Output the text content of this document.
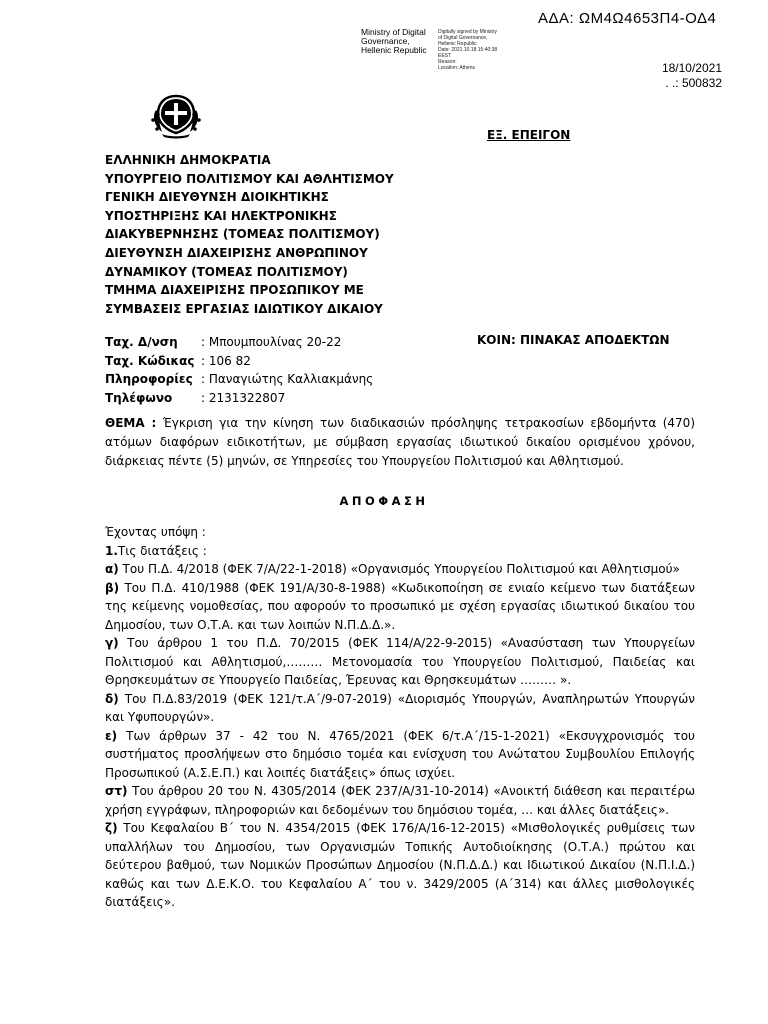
ΑΔΑ: ΩΜ4Ω4653Π4-ΟΔ4
Ministry of Digital
Governance,
Hellenic Republic
Digitally signed by Ministry
of Digital Governance,
Hellenic Republic
Date: 2021.10.18 15:40:38
EEST
Reason:
Location: Athens	18/10/2021
. .: 500832
ΕΞ. ΕΠΕΙΓΟΝ
ΕΛΛΗΝΙΚΗ ΔΗΜΟΚΡΑΤΙΑ
ΥΠΟΥΡΓΕΙΟ ΠΟΛΙΤΙΣΜΟΥ ΚΑΙ ΑΘΛΗΤΙΣΜΟΥ
ΓΕΝΙΚΗ ΔΙΕΥΘΥΝΣΗ ΔΙΟΙΚΗΤΙΚΗΣ
ΥΠΟΣΤΗΡΙΞΗΣ ΚΑΙ ΗΛΕΚΤΡΟΝΙΚΗΣ
ΔΙΑΚΥΒΕΡΝΗΣΗΣ (ΤΟΜΕΑΣ ΠΟΛΙΤΙΣΜΟΥ)
ΔΙΕΥΘΥΝΣΗ ΔΙΑΧΕΙΡΙΣΗΣ ΑΝΘΡΩΠΙΝΟΥ
ΔΥΝΑΜΙΚΟΥ (ΤΟΜΕΑΣ ΠΟΛΙΤΙΣΜΟΥ)
ΤΜΗΜΑ ΔΙΑΧΕΙΡΙΣΗΣ ΠΡΟΣΩΠΙΚΟΥ ΜΕ
ΣΥΜΒΑΣΕΙΣ ΕΡΓΑΣΙΑΣ ΙΔΙΩΤΙΚΟΥ ΔΙΚΑΙΟΥ
Ταχ. Δ/νση	: Μπουμπουλίνας 20-22
Ταχ. Κώδικας : 106 82
Πληροφορίες : Παναγιώτης Καλλιακμάνης
Τηλέφωνο	: 2131322807
ΚΟΙΝ: ΠΙΝΑΚΑΣ ΑΠΟΔΕΚΤΩΝ
ΘΕΜΑ : Έγκριση για την κίνηση των διαδικασιών πρόσληψης τετρακοσίων εβδομήντα (470) ατόμων διαφόρων ειδικοτήτων, με σύμβαση εργασίας ιδιωτικού δικαίου ορισμένου χρόνου, διάρκειας πέντε (5) μηνών, σε Υπηρεσίες του Υπουργείου Πολιτισμού και Αθλητισμού.
ΑΠΟΦΑΣΗ

Έχοντας υπόψη :

1.Τις διατάξεις :

α) Του Π.Δ. 4/2018 (ΦΕΚ 7/Α/22-1-2018) «Οργανισμός Υπουργείου Πολιτισμού και Αθλητισμού»

β) Του Π.Δ. 410/1988 (ΦΕΚ 191/Α/30-8-1988) «Κωδικοποίηση σε ενιαίο κείμενο των διατάξεων της κείμενης νομοθεσίας, που αφορούν το προσωπικό με σχέση εργασίας ιδιωτικού δικαίου του Δημοσίου, των Ο.Τ.Α. και των λοιπών Ν.Π.Δ.Δ.».

γ) Του άρθρου 1 του Π.Δ. 70/2015 (ΦΕΚ 114/Α/22-9-2015) «Ανασύσταση των Υπουργείων Πολιτισμού και Αθλητισμού,……… Μετονομασία του Υπουργείου Πολιτισμού, Παιδείας και Θρησκευμάτων σε Υπουργείο Παιδείας, Έρευνας και Θρησκευμάτων ……… ».

δ) Του Π.Δ.83/2019 (ΦΕΚ 121/τ.Α΄/9-07-2019) «Διορισμός Υπουργών, Αναπληρωτών Υπουργών και Υφυπουργών».

ε) Των άρθρων 37 - 42 του Ν. 4765/2021 (ΦΕΚ 6/τ.Α΄/15-1-2021) «Εκσυγχρονισμός του συστήματος προσλήψεων στο δημόσιο τομέα και ενίσχυση του Ανώτατου Συμβουλίου Επιλογής Προσωπικού (Α.Σ.Ε.Π.) και λοιπές διατάξεις» όπως ισχύει.

στ) Του άρθρου 20 του Ν. 4305/2014 (ΦΕΚ 237/Α/31-10-2014) «Ανοικτή διάθεση και περαιτέρω χρήση εγγράφων, πληροφοριών και δεδομένων του δημόσιου τομέα, … και άλλες διατάξεις».

ζ) Του Κεφαλαίου Β΄ του Ν. 4354/2015 (ΦΕΚ 176/Α/16-12-2015) «Μισθολογικές ρυθμίσεις των υπαλλήλων του Δημοσίου, των Οργανισμών Τοπικής Αυτοδιοίκησης (Ο.Τ.Α.) πρώτου και δεύτερου βαθμού, των Νομικών Προσώπων Δημοσίου (Ν.Π.Δ.Δ.) και Ιδιωτικού Δικαίου (Ν.Π.Ι.Δ.) καθώς και των Δ.Ε.Κ.Ο. του Κεφαλαίου Α΄ του ν. 3429/2005 (Α΄314) και άλλες μισθολογικές διατάξεις».
